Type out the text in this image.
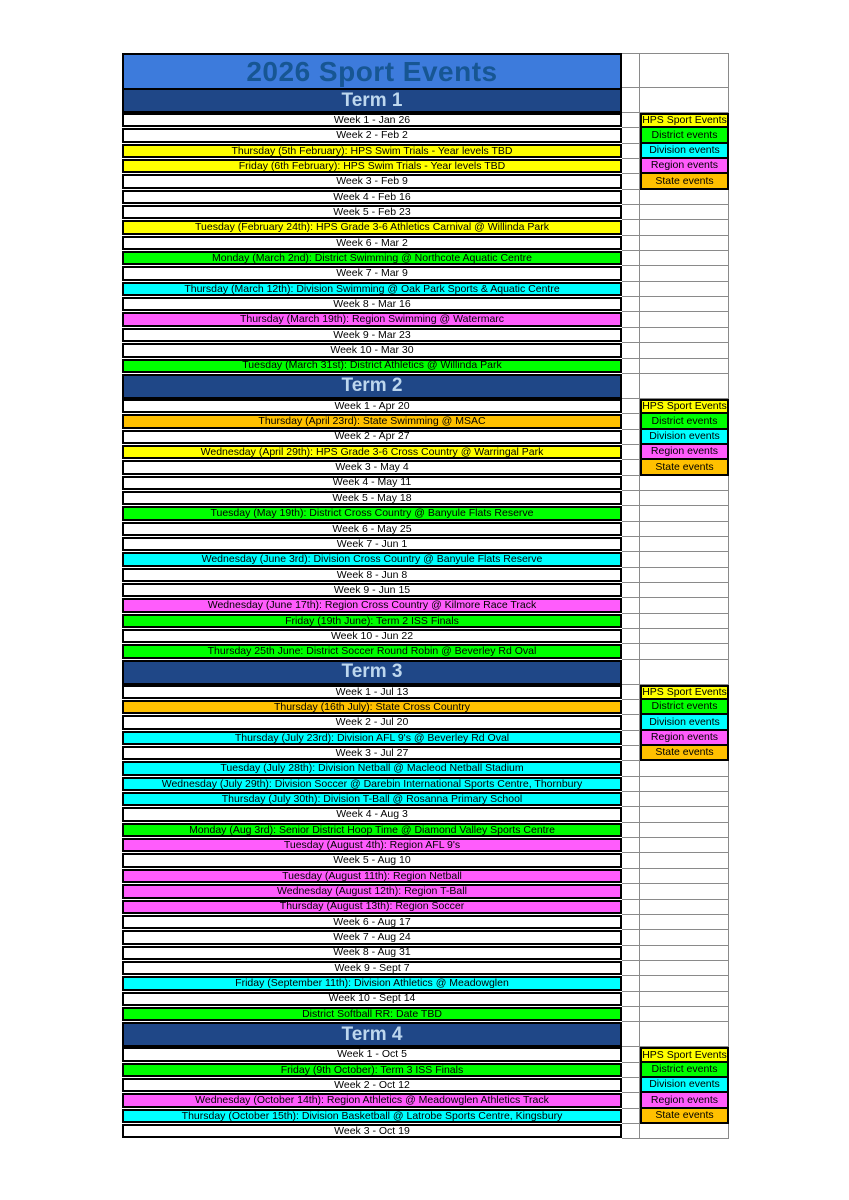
2026 Sport Events
Term 1
Week 1 - Jan 26	HPS Sport Events
Week 2 - Feb 2	District events
Thursday (5th February): HPS Swim Trials - Year levels TBD	Division events
Friday (6th February): HPS Swim Trials - Year levels TBD	Region events
Week 3 - Feb 9	State events
Week 4 - Feb 16
Week 5 - Feb 23
Tuesday (February 24th): HPS Grade 3-6 Athletics Carnival @ Willinda Park
Week 6 - Mar 2
Monday (March 2nd): District Swimming @ Northcote Aquatic Centre
Week 7 - Mar 9
Thursday (March 12th): Division Swimming @ Oak Park Sports & Aquatic Centre
Week 8 - Mar 16
Thursday (March 19th): Region Swimming @ Watermarc
Week 9 - Mar 23
Week 10 - Mar 30
Tuesday (March 31st): District Athletics @ Willinda Park
Term 2
Week 1 - Apr 20	HPS Sport Events
Thursday (April 23rd): State Swimming @ MSAC	District events
Week 2 - Apr 27	Division events
Wednesday (April 29th): HPS Grade 3-6 Cross Country @ Warringal Park	Region events
Week 3 - May 4	State events
Week 4 - May 11
Week 5 - May 18
Tuesday (May 19th): District Cross Country @ Banyule Flats Reserve
Week 6 - May 25
Week 7 - Jun 1
Wednesday (June 3rd): Division Cross Country @ Banyule Flats Reserve
Week 8 - Jun 8
Week 9 - Jun 15
Wednesday (June 17th): Region Cross Country @ Kilmore Race Track
Friday (19th June): Term 2 ISS Finals
Week 10 - Jun 22
Thursday 25th June: District Soccer Round Robin @ Beverley Rd Oval
Term 3
Week 1 - Jul 13	HPS Sport Events
Thursday (16th July): State Cross Country	District events
Week 2 - Jul 20	Division events
Thursday (July 23rd): Division AFL 9's @ Beverley Rd Oval	Region events
Week 3 - Jul 27	State events
Tuesday (July 28th): Division Netball @ Macleod Netball Stadium
Wednesday (July 29th): Division Soccer @ Darebin International Sports Centre, Thornbury
Thursday (July 30th): Division T-Ball @ Rosanna Primary School
Week 4 - Aug 3
Monday (Aug 3rd): Senior District Hoop Time @ Diamond Valley Sports Centre
Tuesday (August 4th): Region AFL 9's
Week 5 - Aug 10
Tuesday (August 11th): Region Netball
Wednesday (August 12th): Region T-Ball
Thursday (August 13th): Region Soccer
Week 6 - Aug 17
Week 7 - Aug 24
Week 8 - Aug 31
Week 9 - Sept 7
Friday (September 11th): Division Athletics @ Meadowglen
Week 10 - Sept 14
District Softball RR: Date TBD
Term 4
Week 1 - Oct 5	HPS Sport Events
Friday (9th October): Term 3 ISS Finals	District events
Week 2 - Oct 12	Division events
Wednesday (October 14th): Region Athletics @ Meadowglen Athletics Track	Region events
Thursday (October 15th): Division Basketball @ Latrobe Sports Centre, Kingsbury	State events
Week 3 - Oct 19
